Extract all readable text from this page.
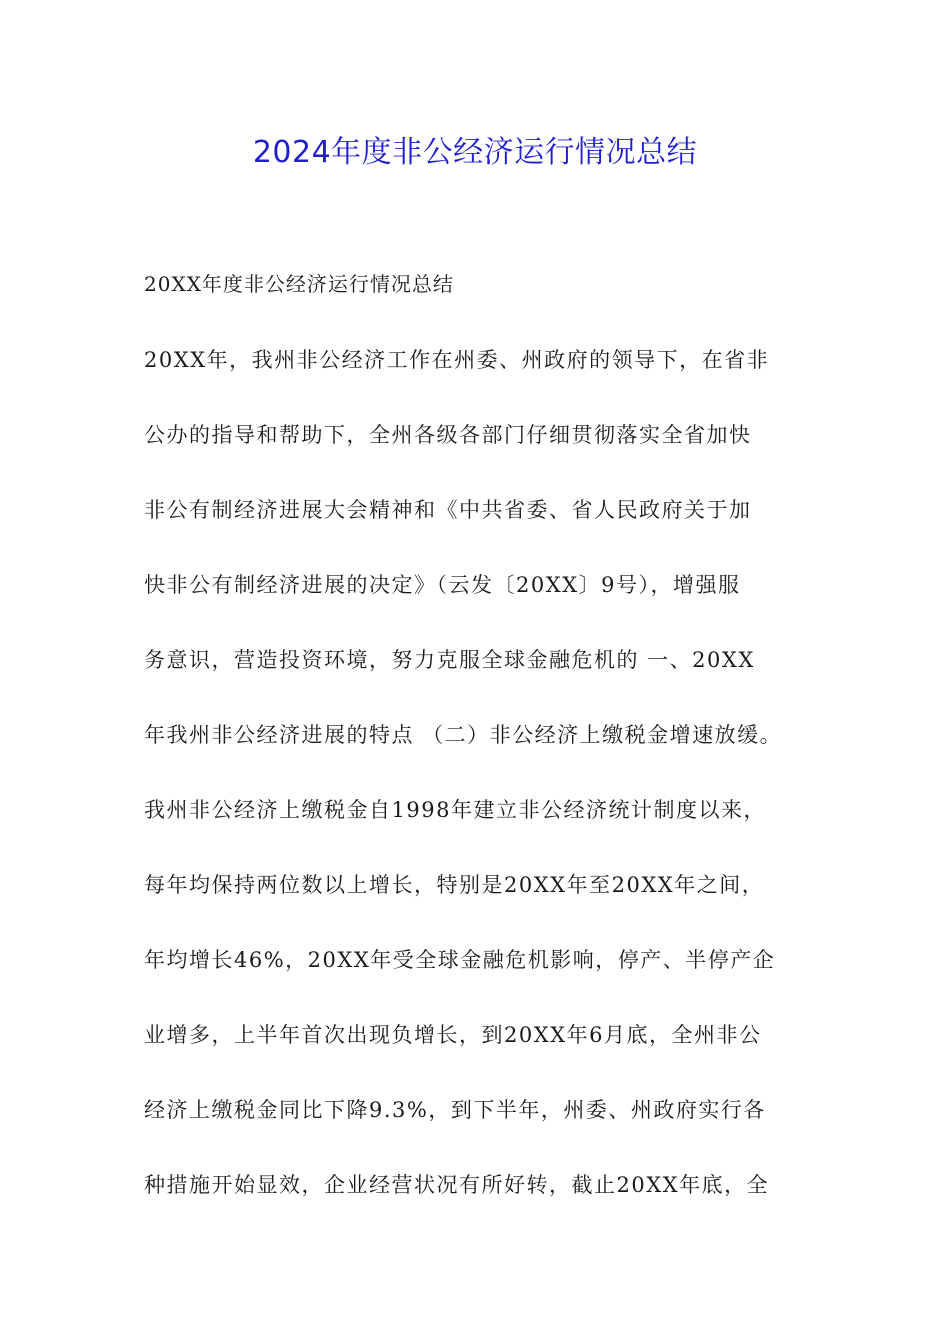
2024年度非公经济运行情况总结
20XX年度非公经济运行情况总结
20XX年，我州非公经济工作在州委、州政府的领导下，在省非
公办的指导和帮助下，全州各级各部门仔细贯彻落实全省加快
非公有制经济进展大会精神和《中共省委、省人民政府关于加
快非公有制经济进展的决定》（云发〔20XX〕9号），增强服
务意识，营造投资环境，努力克服全球金融危机的 一、20XX
年我州非公经济进展的特点 （二）非公经济上缴税金增速放缓。
我州非公经济上缴税金自1998年建立非公经济统计制度以来，
每年均保持两位数以上增长，特别是20XX年至20XX年之间，
年均增长46%，20XX年受全球金融危机影响，停产、半停产企
业增多，上半年首次出现负增长，到20XX年6月底，全州非公
经济上缴税金同比下降9.3%，到下半年，州委、州政府实行各
种措施开始显效，企业经营状况有所好转，截止20XX年底，全
